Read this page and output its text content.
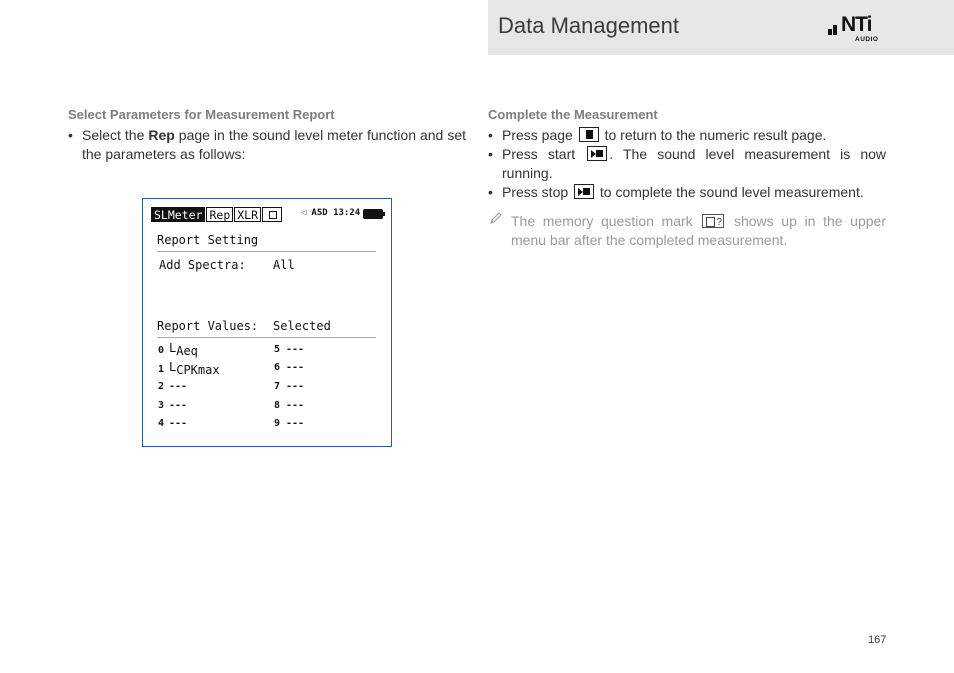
Data Management	NTi
AUDIO
Select Parameters for Measurement Report
• Select the Rep page in the sound level meter function and set the parameters as follows:
SLMeter Rep XLR	◁ ASD 13:24
Report Setting
Add Spectra: All
Report Values: Selected
0 LAeq
1 LCPKmax
2 ---
3 ---
4 ---
5 ---
6 ---
7 ---
8 ---
9 ---
Complete the Measurement
• Press page
to return to the numeric result page.
• Press start
. The sound level measurement is now running.
• Press stop
to complete the sound level measurement.
The memory question mark ? shows up in the upper menu bar after the completed measurement.
167
